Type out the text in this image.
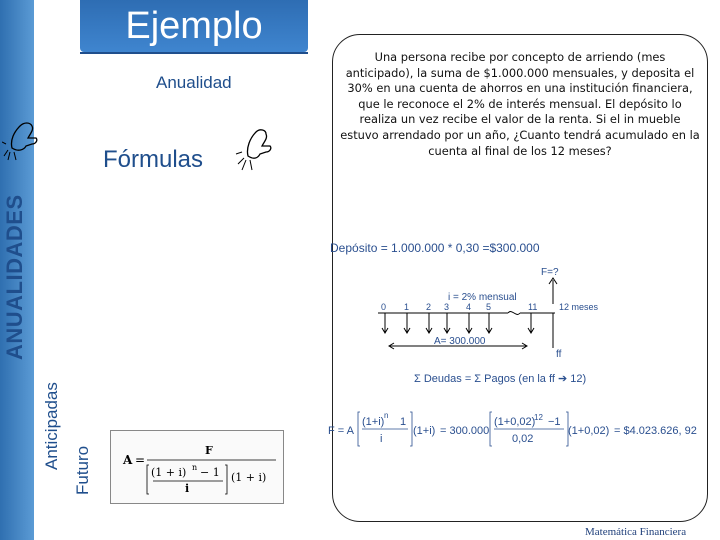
ANUALIDADES
Anticipadas
Futuro
Ejemplo
Anualidad
Fórmulas
A =
F
(1 + i) n − 1
i
(1 + i)
Una persona recibe por concepto de arriendo (mes anticipado), la suma de $1.000.000 mensuales, y deposita el 30% en una cuenta de ahorros en una institución financiera, que le reconoce el 2% de interés mensual. El depósito lo realiza un vez recibe el valor de la renta. Si el in mueble estuvo arrendado por un año, ¿Cuanto tendrá acumulado en la cuenta al final de los 12 meses?
Depósito = 1.000.000 * 0,30 =$300.000
F=?
i = 2% mensual
0 1 2 3 4 5	11 12 meses
A= 300.000
ff
Σ Deudas = Σ Pagos (en la ff ➔ 12)
F = A
(1+i)
n
1
i
(1+i) = 300.000
(1+0,02)
12 −1
0,02
(1+0,02) = $4.023.626, 92
Matemática Financiera
